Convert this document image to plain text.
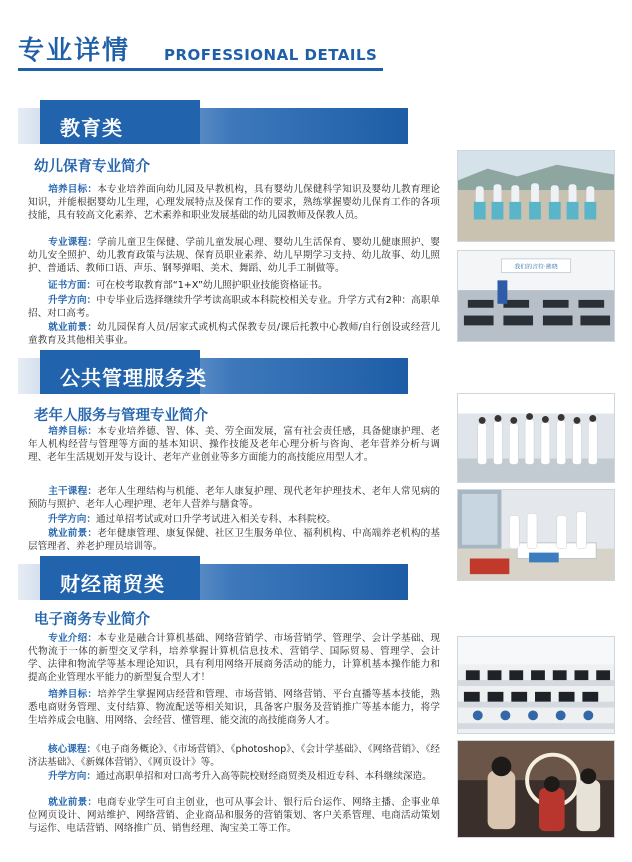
专业详情 PROFESSIONAL DETAILS
教育类
幼儿保育专业简介

培养目标：本专业培养面向幼儿园及早教机构，具有婴幼儿保健科学知识及婴幼儿教育理论知识，并能根据婴幼儿生理，心理发展特点及保育工作的要求，熟练掌握婴幼儿保育工作的各项技能，具有较高文化素养、艺术素养和职业发展基础的幼儿园教师及保教人员。

专业课程：学前儿童卫生保健、学前儿童发展心理、婴幼儿生活保育、婴幼儿健康照护、婴幼儿安全照护、幼儿教育政策与法规、保育员职业素养、幼儿早期学习支持、幼儿故事、幼儿照护、普通话、教师口语、声乐、钢琴弹唱、美术、舞蹈、幼儿手工制做等。

证书方面：可在校考取教育部“1+X”幼儿照护职业技能资格证书。

升学方向：中专毕业后选择继续升学考读高职或本科院校相关专业。升学方式有2种：高职单招、对口高考。

就业前景：幼儿园保育人员/居家式或机构式保教专员/课后托教中心教师/自行创设或经营儿童教育及其他相关事业。

公共管理服务类
老年人服务与管理专业简介

培养目标：本专业培养德、智、体、美、劳全面发展，富有社会责任感，具备健康护理、老年人机构经营与管理等方面的基本知识、操作技能及老年心理分析与咨询、老年营养分析与调理、老年生活规划开发与设计、老年产业创业等多方面能力的高技能应用型人才。

主干课程：老年人生理结构与机能、老年人康复护理、现代老年护理技术、老年人常见病的预防与照护、老年人心理护理、老年人营养与膳食等。

升学方向：通过单招考试或对口升学考试进入相关专科、本科院校。

就业前景：老年健康管理、康复保健、社区卫生服务单位、福利机构、中高端养老机构的基层管理者、养老护理员培训等。

财经商贸类
电子商务专业简介

专业介绍：本专业是融合计算机基础、网络营销学、市场营销学、管理学、会计学基础、现代物流于一体的新型交叉学科，培养掌握计算机信息技术、营销学、国际贸易、管理学、会计学、法律和物流学等基本理论知识，具有利用网络开展商务活动的能力，计算机基本操作能力和提高企业管理水平能力的新型复合型人才！

培养目标：培养学生掌握网店经营和管理、市场营销、网络营销、平台直播等基本技能，熟悉电商财务管理、支付结算、物流配送等相关知识，具备客户服务及营销推广等基本能力，将学生培养成会电脑、用网络、会经营、懂管理、能交流的高技能商务人才。

核心课程：《电子商务概论》、《市场营销》、《photoshop》、《会计学基础》、《网络营销》、《经济法基础》、《新媒体营销》、《网页设计》等。

升学方向：通过高职单招和对口高考升入高等院校财经商贸类及相近专科、本科继续深造。

就业前景：电商专业学生可自主创业，也可从事会计、银行后台运作、网络主播、企事业单位网页设计、网站维护、网络营销、企业商品和服务的营销策划、客户关系管理、电商活动策划与运作、电话营销、网络推广员、销售经理、淘宝美工等工作。

我们的音符·拂晓
